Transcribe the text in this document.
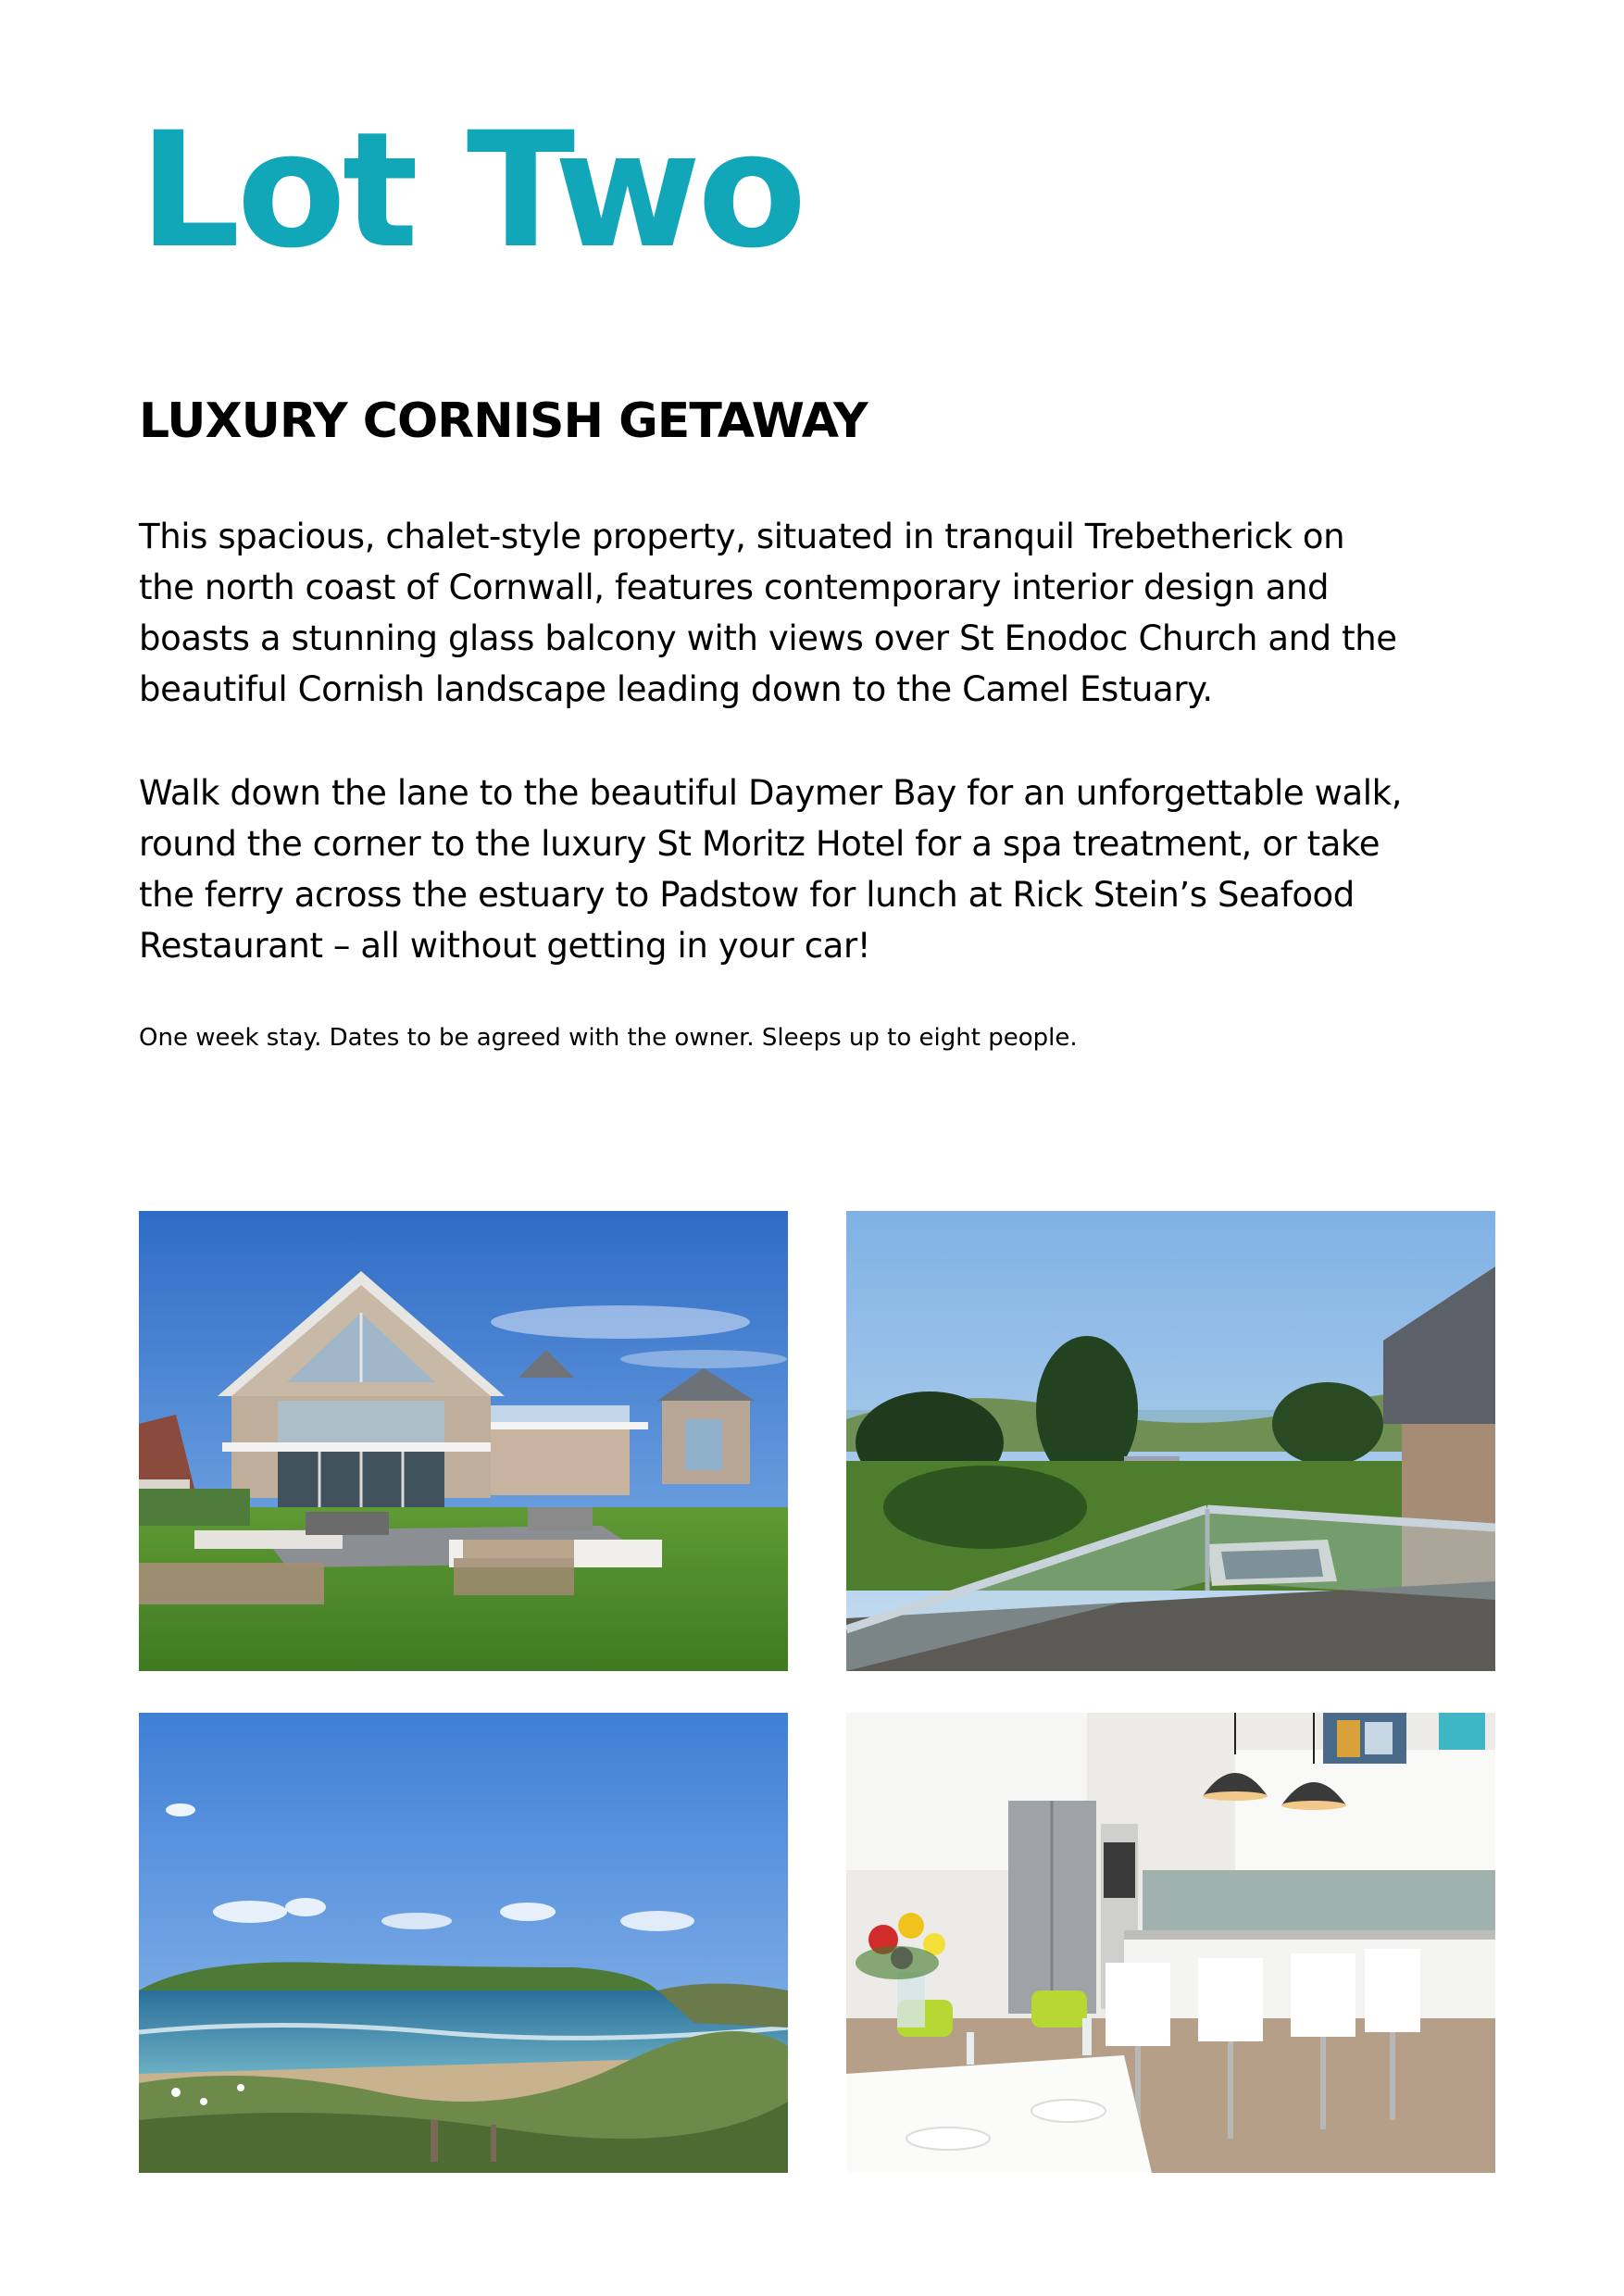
Lot Two
LUXURY CORNISH GETAWAY

This spacious, chalet-style property, situated in tranquil Trebetherick on
the north coast of Cornwall, features contemporary interior design and
boasts a stunning glass balcony with views over St Enodoc Church and the
beautiful Cornish landscape leading down to the Camel Estuary.

Walk down the lane to the beautiful Daymer Bay for an unforgettable walk,
round the corner to the luxury St Moritz Hotel for a spa treatment, or take
the ferry across the estuary to Padstow for lunch at Rick Stein’s Seafood
Restaurant – all without getting in your car!

One week stay. Dates to be agreed with the owner. Sleeps up to eight people.
